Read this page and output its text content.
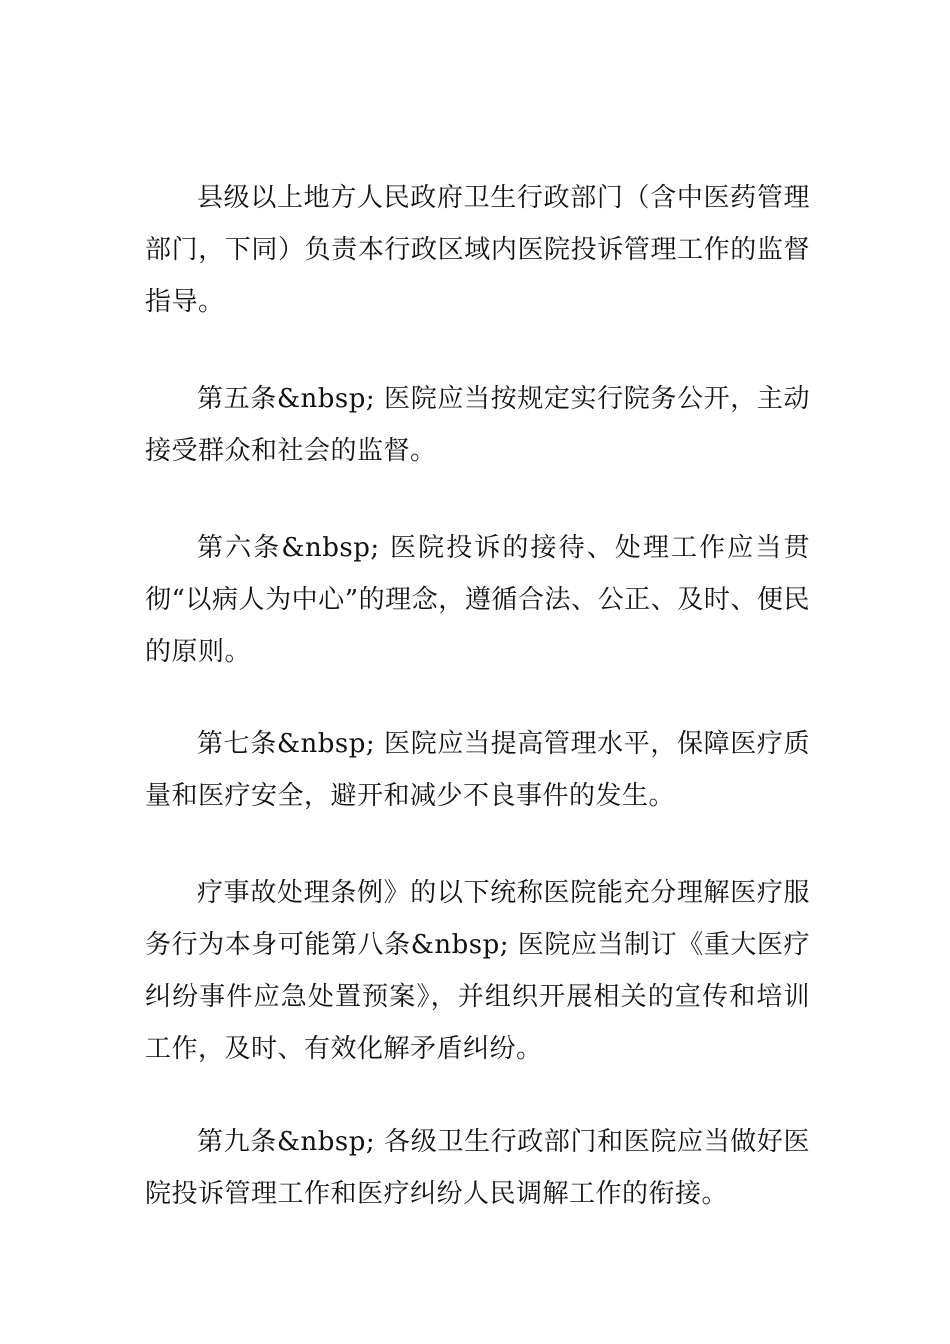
县级以上地方人民政府卫生行政部门（含中医药管理部门，下同）负责本行政区域内医院投诉管理工作的监督指导。

第五条&nbsp; 医院应当按规定实行院务公开，主动接受群众和社会的监督。

第六条&nbsp; 医院投诉的接待、处理工作应当贯彻“以病人为中心”的理念，遵循合法、公正、及时、便民的原则。

第七条&nbsp; 医院应当提高管理水平，保障医疗质量和医疗安全，避开和减少不良事件的发生。

疗事故处理条例》的以下统称医院能充分理解医疗服务行为本身可能第八条&nbsp; 医院应当制订《重大医疗纠纷事件应急处置预案》，并组织开展相关的宣传和培训工作，及时、有效化解矛盾纠纷。

第九条&nbsp; 各级卫生行政部门和医院应当做好医院投诉管理工作和医疗纠纷人民调解工作的衔接。
